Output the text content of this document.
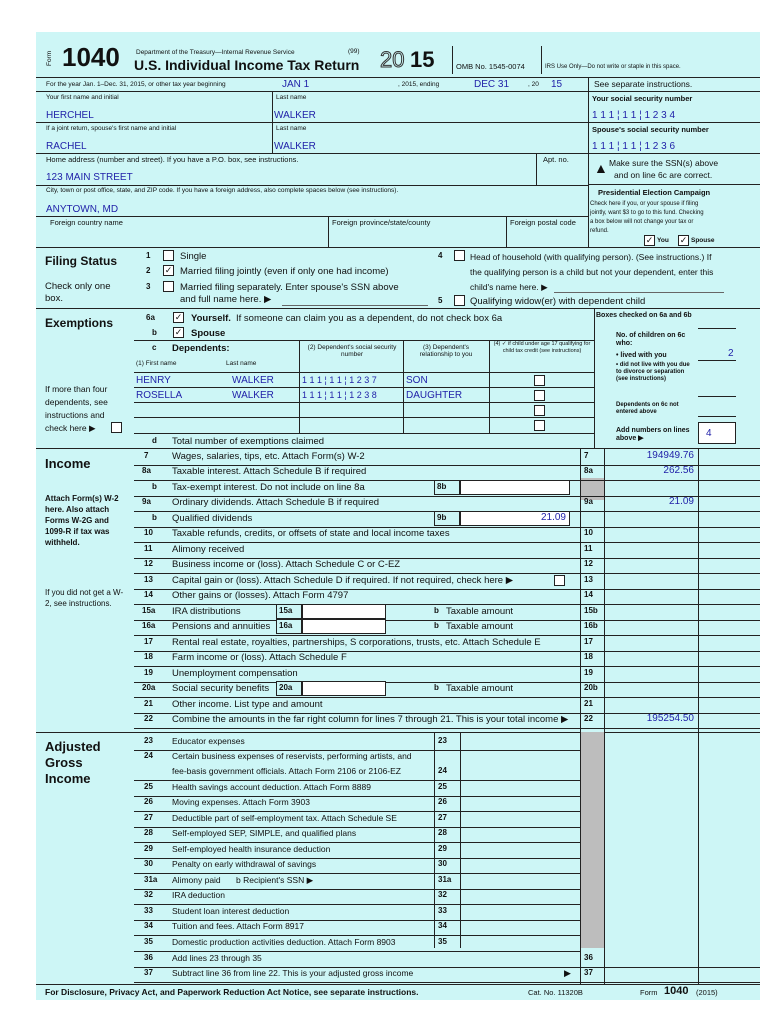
Form 1040 Department of the Treasury—Internal Revenue Service	(99)
U.S. Individual Income Tax Return 20 15	OMB No. 1545-0074	IRS Use Only—Do not write or staple in this space.
For the year Jan. 1–Dec. 31, 2015, or other tax year beginning	JAN 1	, 2015, ending	DEC 31	, 20 15	See separate instructions.
Your first name and initial	Last name	Your social security number
HERCHEL	WALKER	1 1 1 ¦ 1 1 ¦ 1 2 3 4
If a joint return, spouse's first name and initial	Last name	Spouse's social security number
RACHEL	WALKER	1 1 1 ¦ 1 1 ¦ 1 2 3 6
Home address (number and street). If you have a P.O. box, see instructions.	Apt. no.
123 MAIN STREET
▲ Make sure the SSN(s) above
and on line 6c are correct.
City, town or post office, state, and ZIP code. If you have a foreign address, also complete spaces below (see instructions).
ANYTOWN, MD
Foreign country name	Foreign province/state/county	Foreign postal code
Presidential Election Campaign
Check here if you, or your spouse if filing
jointly, want $3 to go to this fund. Checking
a box below will not change your tax or
refund.
✓ You ✓ Spouse
Filing Status
Check only one
box.
1	Single
2 ✓ Married filing jointly (even if only one had income)
3	Married filing separately. Enter spouse's SSN above
and full name here. ▶
4	Head of household (with qualifying person). (See instructions.) If
the qualifying person is a child but not your dependent, enter this
child's name here. ▶
5	Qualifying widow(er) with dependent child
Exemptions	6a ✓ Yourself. If someone can claim you as a dependent, do not check box 6a
b ✓ Spouse
c Dependents:
(1) First name	Last name
(2) Dependent's social security number
(3) Dependent's relationship to you
(4) ✓ if child under age 17 qualifying for child tax credit (see instructions)
HENRY	WALKER	1 1 1 ¦ 1 1 ¦ 1 2 3 7	SON
ROSELLA	WALKER	1 1 1 ¦ 1 1 ¦ 1 2 3 8	DAUGHTER
If more than four
dependents, see
instructions and
check here ▶
d Total number of exemptions claimed
Boxes checked on 6a and 6b
No. of children on 6c who:
• lived with you
• did not live with you due to divorce or separation (see instructions)
Dependents on 6c not entered above
Add numbers on lines above ▶
2
4
Income
Attach Form(s) W-2 here. Also attach Forms W-2G and 1099-R if tax was withheld.
If you did not get a W-2, see instructions.
7 Wages, salaries, tips, etc. Attach Form(s) W-2	7	194949.76
8a Taxable interest. Attach Schedule B if required	8a	262.56
b Tax-exempt interest. Do not include on line 8a	8b
9a Ordinary dividends. Attach Schedule B if required	9a	21.09
b Qualified dividends	9b	21.09
10 Taxable refunds, credits, or offsets of state and local income taxes	10
11 Alimony received	11
12 Business income or (loss). Attach Schedule C or C-EZ	12
13 Capital gain or (loss). Attach Schedule D if required. If not required, check here ▶	13
14 Other gains or (losses). Attach Form 4797	14
15a IRA distributions	15a	b Taxable amount	15b
16a Pensions and annuities 16a	b Taxable amount	16b
17 Rental real estate, royalties, partnerships, S corporations, trusts, etc. Attach Schedule E	17
18 Farm income or (loss). Attach Schedule F	18
19 Unemployment compensation	19
20a Social security benefits 20a	b Taxable amount	20b
21 Other income. List type and amount	21
22 Combine the amounts in the far right column for lines 7 through 21. This is your total income ▶ 22	195254.50
Adjusted
Gross
Income
23 Educator expenses	23
24 Certain business expenses of reservists, performing artists, and
fee-basis government officials. Attach Form 2106 or 2106-EZ	24
25 Health savings account deduction. Attach Form 8889	25
26 Moving expenses. Attach Form 3903	26
27 Deductible part of self-employment tax. Attach Schedule SE	27
28 Self-employed SEP, SIMPLE, and qualified plans	28
29 Self-employed health insurance deduction	29
30 Penalty on early withdrawal of savings	30
31a Alimony paid b Recipient's SSN ▶	31a
32 IRA deduction	32
33 Student loan interest deduction	33
34 Tuition and fees. Attach Form 8917	34
35 Domestic production activities deduction. Attach Form 8903	35
36 Add lines 23 through 35	36
37 Subtract line 36 from line 22. This is your adjusted gross income	37
▶
For Disclosure, Privacy Act, and Paperwork Reduction Act Notice, see separate instructions.	Cat. No. 11320B	Form 1040 (2015)
